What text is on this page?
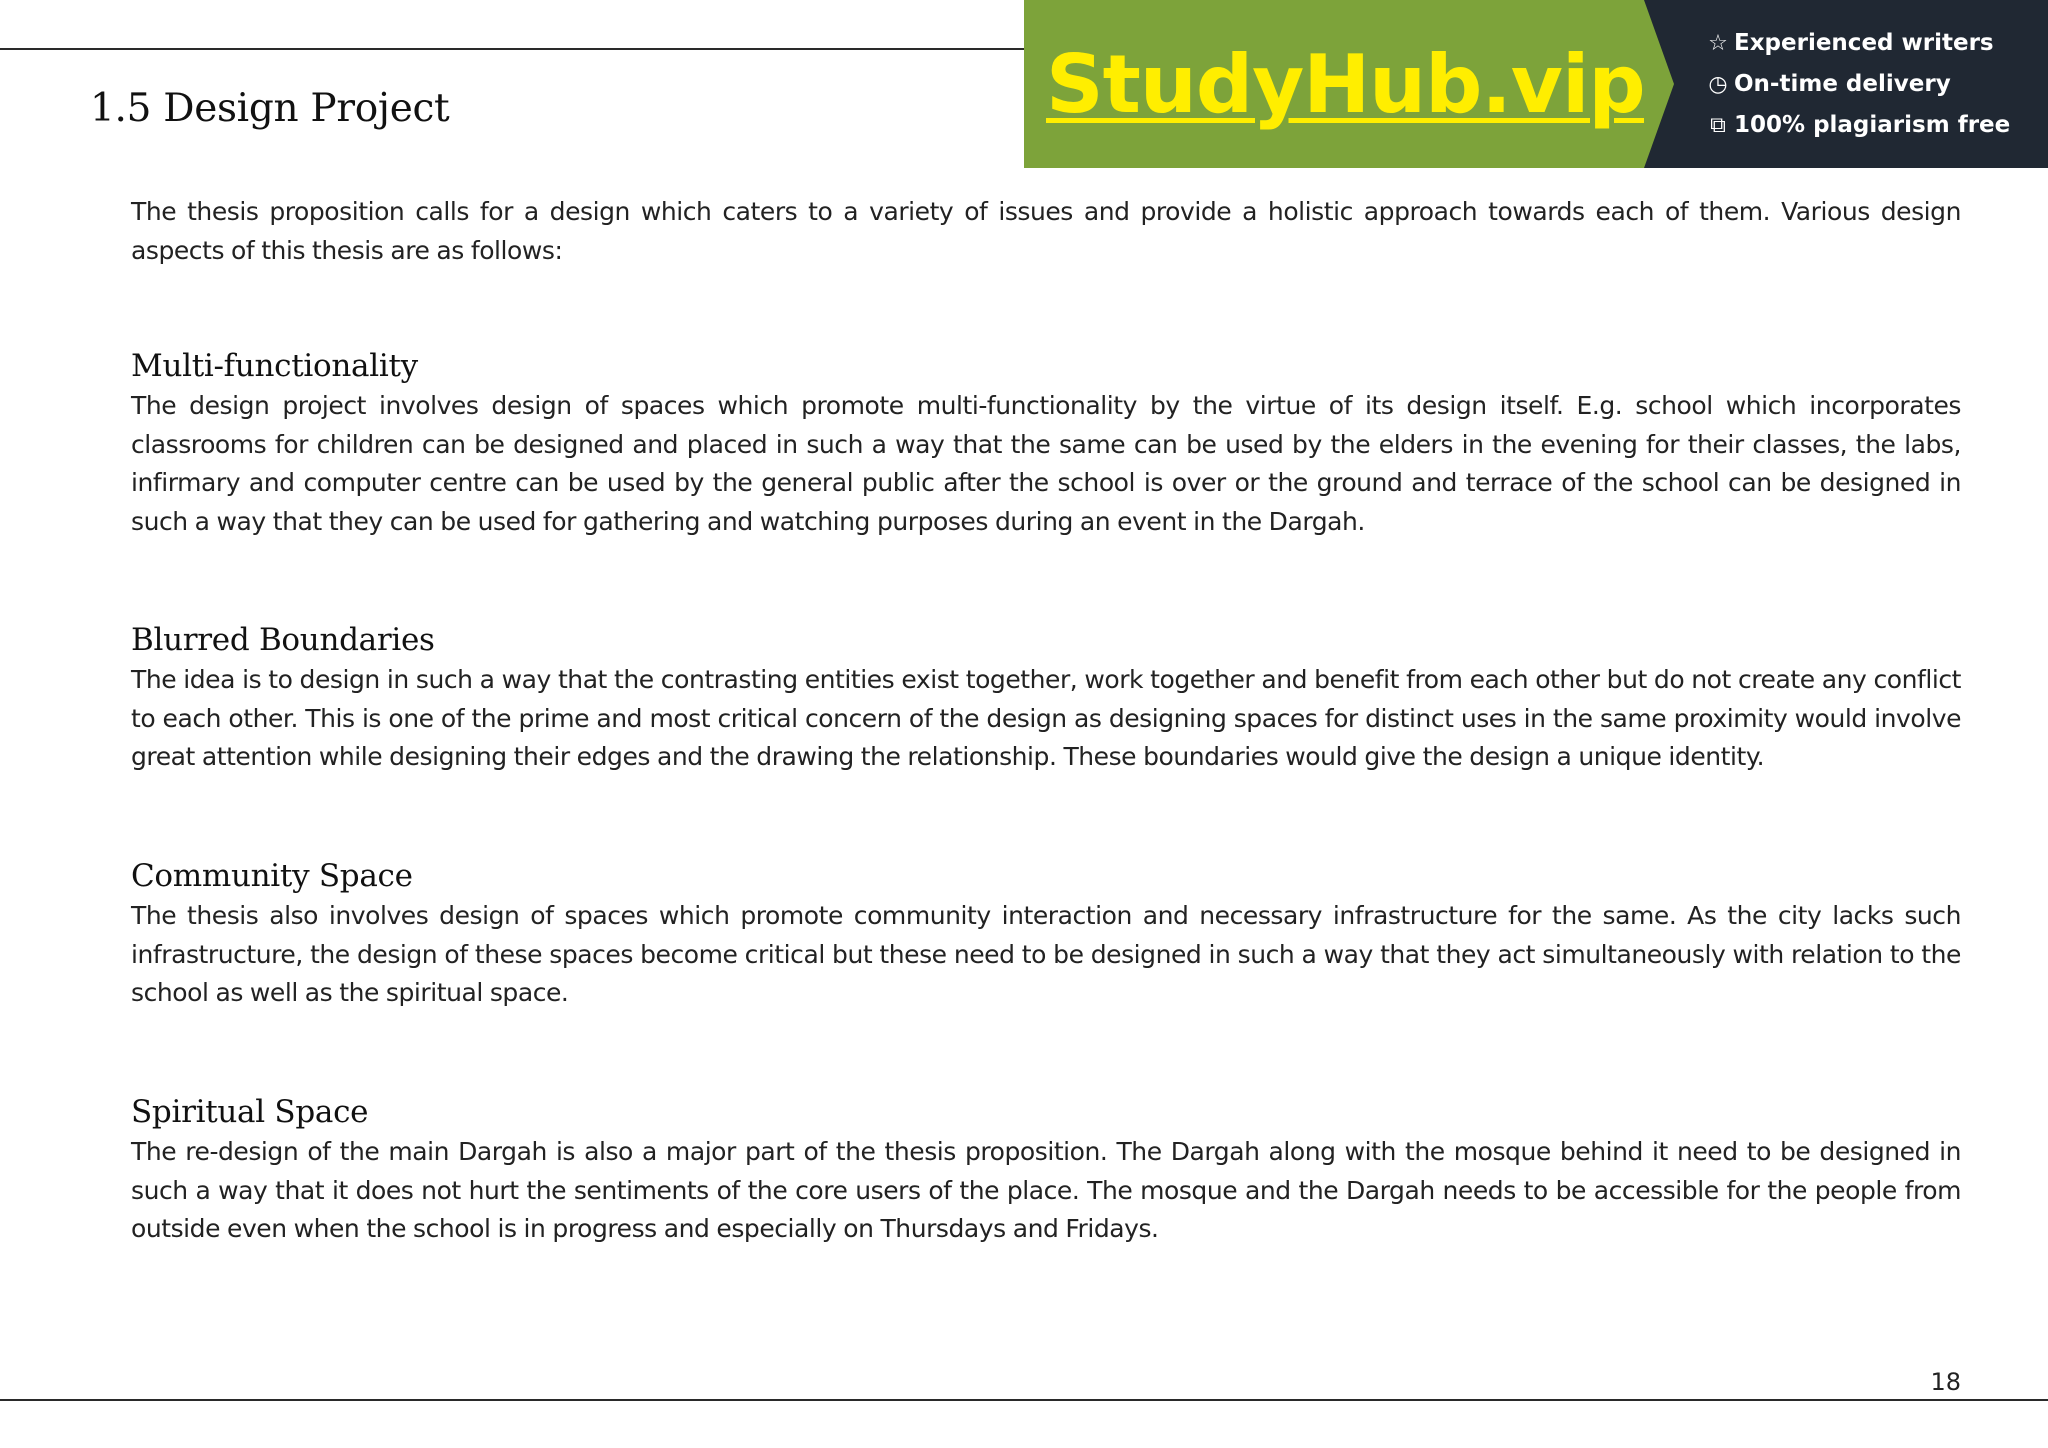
1.5 Design Project	StudyHub.vip	☆ Experienced writers
◷ On-time delivery
⧉ 100% plagiarism free

The thesis proposition calls for a design which caters to a variety of issues and provide a holistic approach towards each of them. Various design aspects of this thesis are as follows:

Multi-functionality

The design project involves design of spaces which promote multi-functionality by the virtue of its design itself. E.g. school which incorporates classrooms for children can be designed and placed in such a way that the same can be used by the elders in the evening for their classes, the labs, infirmary and computer centre can be used by the general public after the school is over or the ground and terrace of the school can be designed in such a way that they can be used for gathering and watching purposes during an event in the Dargah.

Blurred Boundaries

The idea is to design in such a way that the contrasting entities exist together, work together and benefit from each other but do not create any conflict to each other. This is one of the prime and most critical concern of the design as designing spaces for distinct uses in the same proximity would involve great attention while designing their edges and the drawing the relationship. These boundaries would give the design a unique identity.

Community Space

The thesis also involves design of spaces which promote community interaction and necessary infrastructure for the same. As the city lacks such infrastructure, the design of these spaces become critical but these need to be designed in such a way that they act simultaneously with relation to the school as well as the spiritual space.

Spiritual Space

The re-design of the main Dargah is also a major part of the thesis proposition. The Dargah along with the mosque behind it need to be designed in such a way that it does not hurt the sentiments of the core users of the place. The mosque and the Dargah needs to be accessible for the people from outside even when the school is in progress and especially on Thursdays and Fridays.

18
